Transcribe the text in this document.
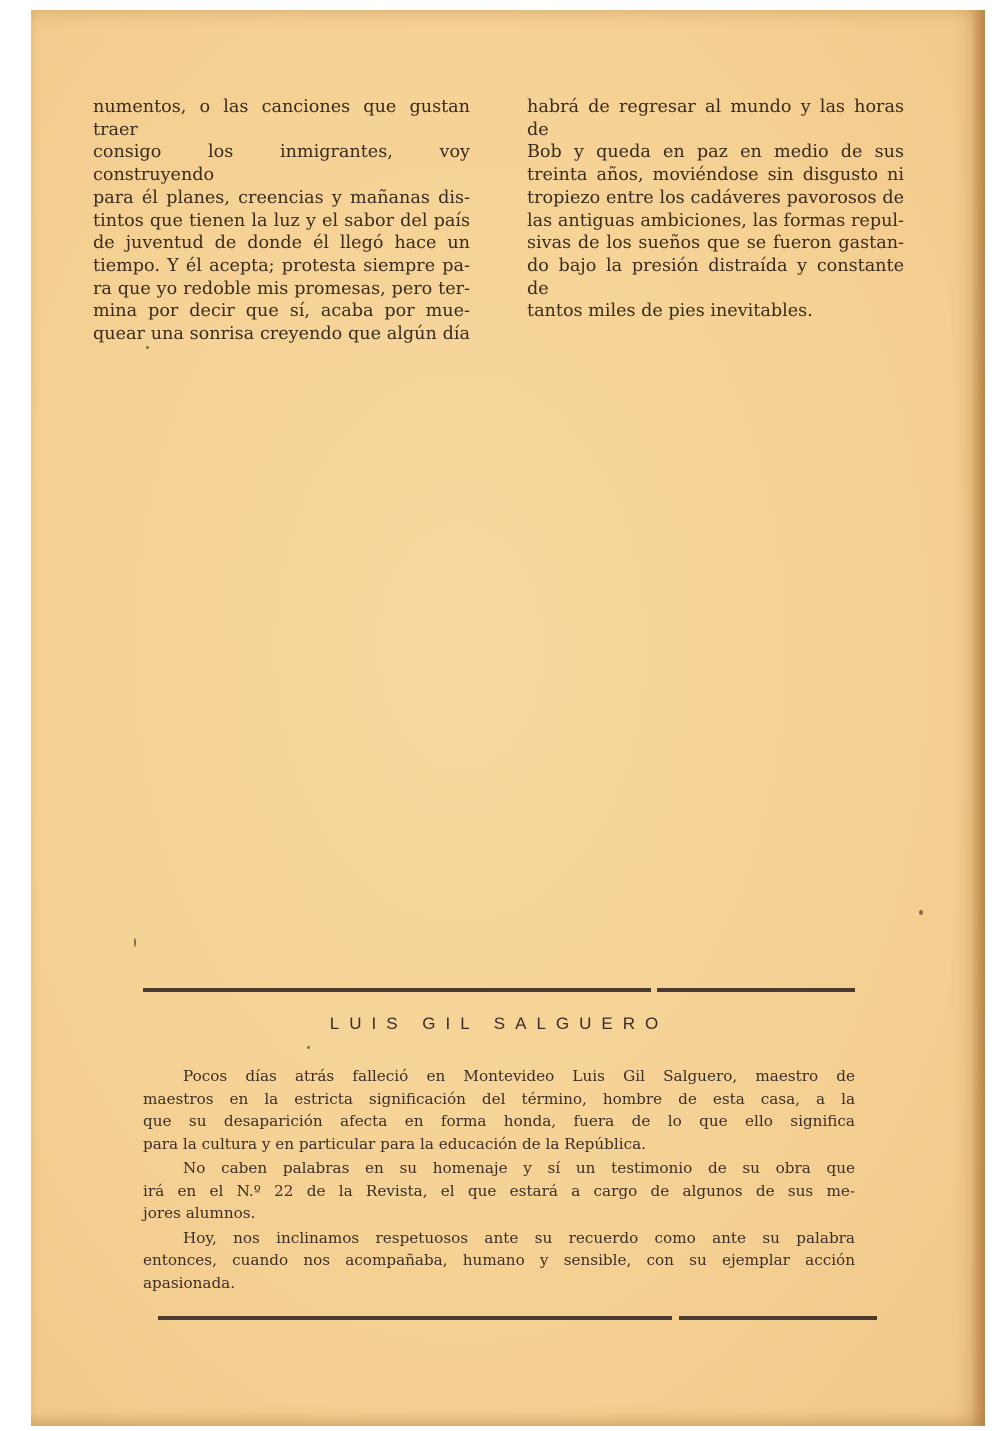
numentos, o las canciones que gustan traer

consigo los inmigrantes, voy construyendo

para él planes, creencias y mañanas dis-

tintos que tienen la luz y el sabor del país

de juventud de donde él llegó hace un

tiempo. Y él acepta; protesta siempre pa-

ra que yo redoble mis promesas, pero ter-

mina por decir que sí, acaba por mue-

quear una sonrisa creyendo que algún día

habrá de regresar al mundo y las horas de

Bob y queda en paz en medio de sus

treinta años, moviéndose sin disgusto ni

tropiezo entre los cadáveres pavorosos de

las antiguas ambiciones, las formas repul-

sivas de los sueños que se fueron gastan-

do bajo la presión distraída y constante de

tantos miles de pies inevitables.

LUIS GIL SALGUERO

Pocos días atrás falleció en Montevideo Luis Gil Salguero, maestro de
maestros en la estricta significación del término, hombre de esta casa, a la
que su desaparición afecta en forma honda, fuera de lo que ello significa
para la cultura y en particular para la educación de la República.

No caben palabras en su homenaje y sí un testimonio de su obra que
irá en el N.º 22 de la Revista, el que estará a cargo de algunos de sus me-
jores alumnos.

Hoy, nos inclinamos respetuosos ante su recuerdo como ante su palabra
entonces, cuando nos acompañaba, humano y sensible, con su ejemplar acción
apasionada.
